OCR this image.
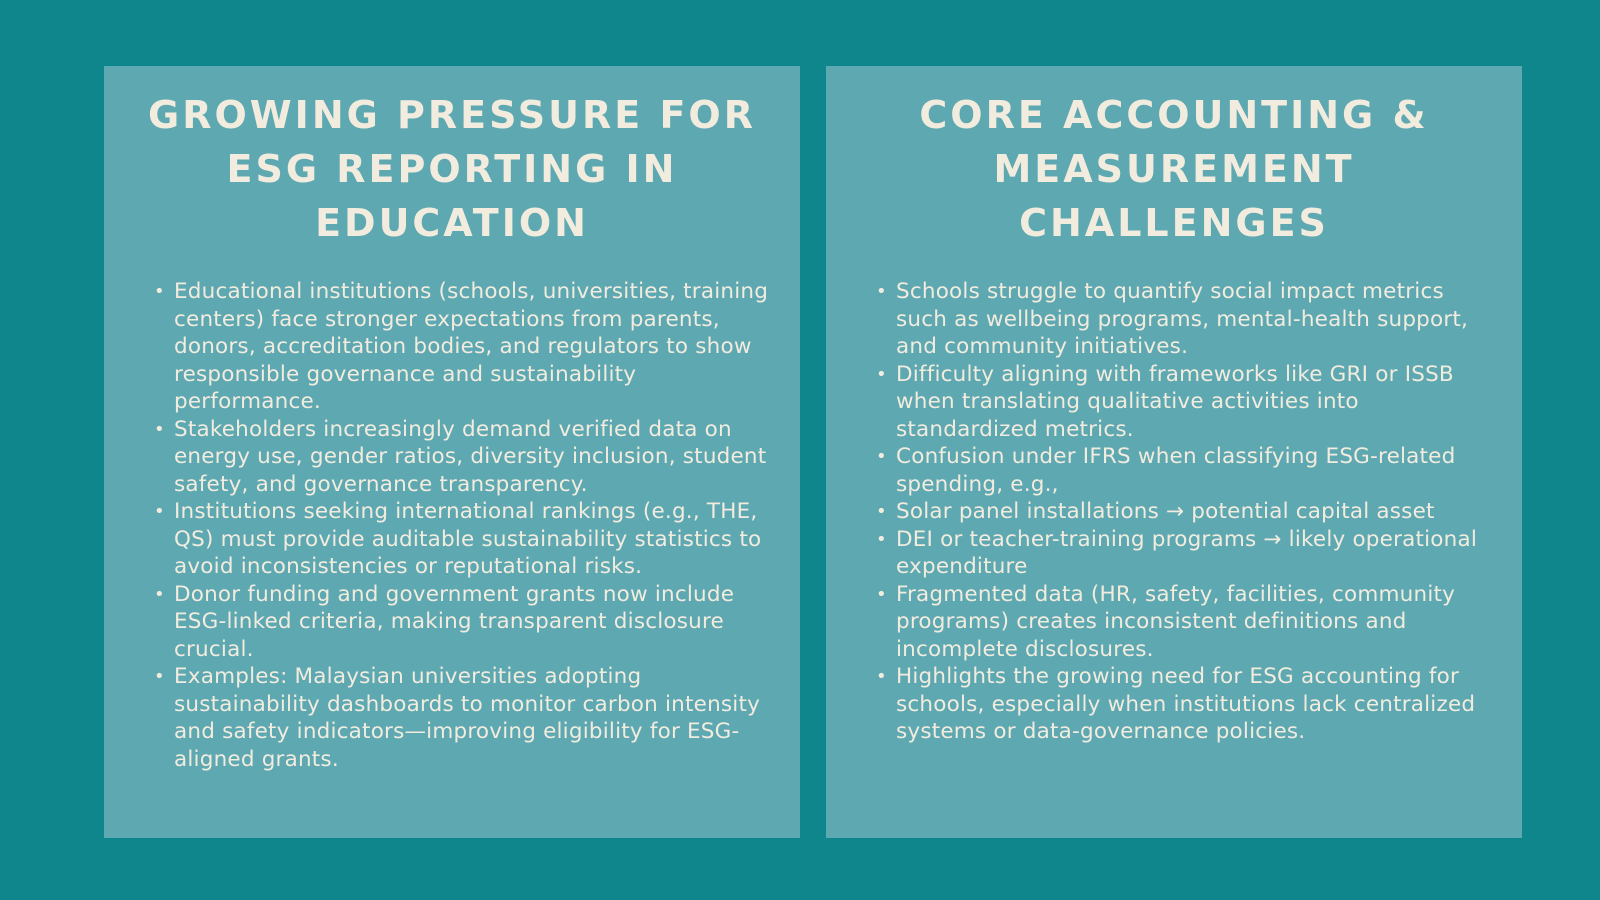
GROWING PRESSURE FOR ESG REPORTING IN EDUCATION
• Educational institutions (schools, universities, training centers) face stronger expectations from parents, donors, accreditation bodies, and regulators to show responsible governance and sustainability performance.
• Stakeholders increasingly demand verified data on energy use, gender ratios, diversity inclusion, student safety, and governance transparency.
• Institutions seeking international rankings (e.g., THE, QS) must provide auditable sustainability statistics to avoid inconsistencies or reputational risks.
• Donor funding and government grants now include ESG-linked criteria, making transparent disclosure crucial.
• Examples: Malaysian universities adopting sustainability dashboards to monitor carbon intensity and safety indicators—improving eligibility for ESG-aligned grants.
CORE ACCOUNTING & MEASUREMENT CHALLENGES
• Schools struggle to quantify social impact metrics such as wellbeing programs, mental-health support, and community initiatives.
• Difficulty aligning with frameworks like GRI or ISSB when translating qualitative activities into standardized metrics.
• Confusion under IFRS when classifying ESG-related spending, e.g.,
• Solar panel installations → potential capital asset
• DEI or teacher-training programs → likely operational expenditure
• Fragmented data (HR, safety, facilities, community programs) creates inconsistent definitions and incomplete disclosures.
• Highlights the growing need for ESG accounting for schools, especially when institutions lack centralized systems or data-governance policies.
